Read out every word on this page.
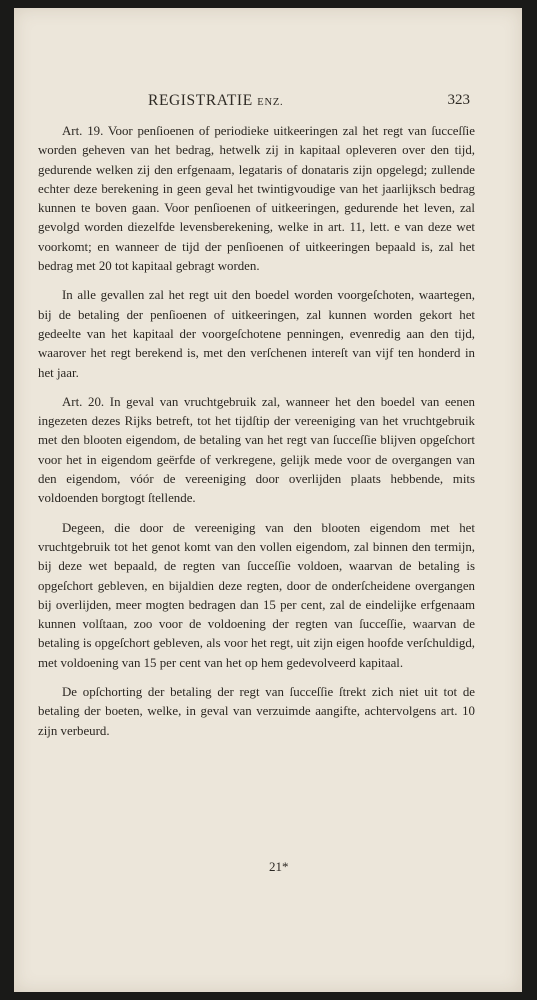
REGISTRATIE ENZ.	323

Art. 19. Voor penſioenen of periodieke uitkeeringen zal het regt van ſucceſſie worden geheven van het bedrag, hetwelk zij in kapitaal opleveren over den tijd, gedurende welken zij den erfgenaam, legataris of donataris zijn opgelegd; zullende echter deze berekening in geen geval het twintigvoudige van het jaarlijksch bedrag kunnen te boven gaan. Voor penſioenen of uitkeeringen, gedurende het leven, zal gevolgd worden diezelfde levensberekening, welke in art. 11, lett. e van deze wet voorkomt; en wanneer de tijd der penſioenen of uitkeeringen bepaald is, zal het bedrag met 20 tot kapitaal gebragt worden.

In alle gevallen zal het regt uit den boedel worden voorgeſchoten, waartegen, bij de betaling der penſioenen of uitkeeringen, zal kunnen worden gekort het gedeelte van het kapitaal der voorgeſchotene penningen, evenredig aan den tijd, waarover het regt berekend is, met den verſchenen intereſt van vijf ten honderd in het jaar.

Art. 20. In geval van vruchtgebruik zal, wanneer het den boedel van eenen ingezeten dezes Rijks betreft, tot het tijdſtip der vereeniging van het vruchtgebruik met den blooten eigendom, de betaling van het regt van ſucceſſie blijven opgeſchort voor het in eigendom geërfde of verkregene, gelijk mede voor de overgangen van den eigendom, vóór de vereeniging door overlijden plaats hebbende, mits voldoenden borgtogt ſtellende.

Degeen, die door de vereeniging van den blooten eigendom met het vruchtgebruik tot het genot komt van den vollen eigendom, zal binnen den termijn, bij deze wet bepaald, de regten van ſucceſſie voldoen, waarvan de betaling is opgeſchort gebleven, en bijaldien deze regten, door de onderſcheidene overgangen bij overlijden, meer mogten bedragen dan 15 per cent, zal de eindelijke erfgenaam kunnen volſtaan, zoo voor de voldoening der regten van ſucceſſie, waarvan de betaling is opgeſchort gebleven, als voor het regt, uit zijn eigen hoofde verſchuldigd, met voldoening van 15 per cent van het op hem gedevolveerd kapitaal.

De opſchorting der betaling der regt van ſucceſſie ſtrekt zich niet uit tot de betaling der boeten, welke, in geval van verzuimde aangifte, achtervolgens art. 10 zijn verbeurd.

21*
